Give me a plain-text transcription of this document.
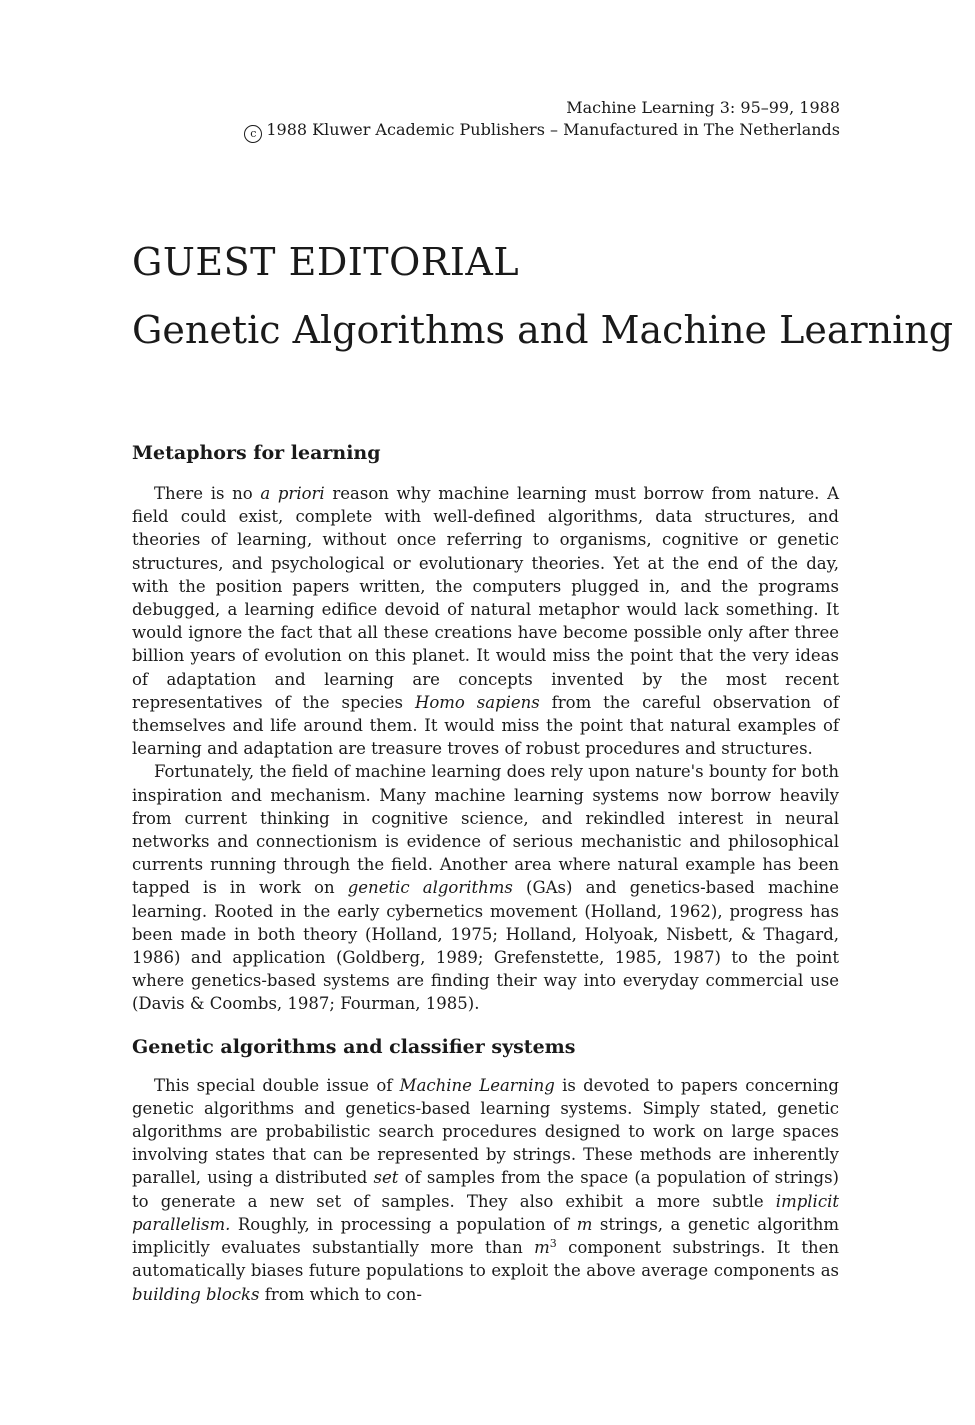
Machine Learning 3: 95–99, 1988
c 1988 Kluwer Academic Publishers – Manufactured in The Netherlands
GUEST EDITORIAL
Genetic Algorithms and Machine Learning
Metaphors for learning

There is no a priori reason why machine learning must borrow from nature. A field could exist, complete with well-defined algorithms, data structures, and theories of learning, without once referring to organisms, cognitive or genetic structures, and psychological or evolutionary theories. Yet at the end of the day, with the position papers written, the computers plugged in, and the programs debugged, a learning edifice devoid of natural metaphor would lack something. It would ignore the fact that all these creations have become possible only after three billion years of evolution on this planet. It would miss the point that the very ideas of adaptation and learning are concepts invented by the most recent representatives of the species Homo sapiens from the careful observation of themselves and life around them. It would miss the point that natural examples of learning and adaptation are treasure troves of robust procedures and structures.

Fortunately, the field of machine learning does rely upon nature's bounty for both inspiration and mechanism. Many machine learning systems now borrow heavily from current thinking in cognitive science, and rekindled interest in neural networks and connectionism is evidence of serious mechanistic and philosophical currents running through the field. Another area where natural example has been tapped is in work on genetic algorithms (GAs) and genetics-based machine learning. Rooted in the early cybernetics movement (Holland, 1962), progress has been made in both theory (Holland, 1975; Holland, Holyoak, Nisbett, & Thagard, 1986) and application (Goldberg, 1989; Grefenstette, 1985, 1987) to the point where genetics-based systems are finding their way into everyday commercial use (Davis & Coombs, 1987; Fourman, 1985).

Genetic algorithms and classifier systems

This special double issue of Machine Learning is devoted to papers concerning genetic algorithms and genetics-based learning systems. Simply stated, genetic algorithms are probabilistic search procedures designed to work on large spaces involving states that can be represented by strings. These methods are inherently parallel, using a distributed set of samples from the space (a population of strings) to generate a new set of samples. They also exhibit a more subtle implicit parallelism. Roughly, in processing a population of m strings, a genetic algorithm implicitly evaluates substantially more than $m^3$ component substrings. It then automatically biases future populations to exploit the above average components as building blocks from which to con-
